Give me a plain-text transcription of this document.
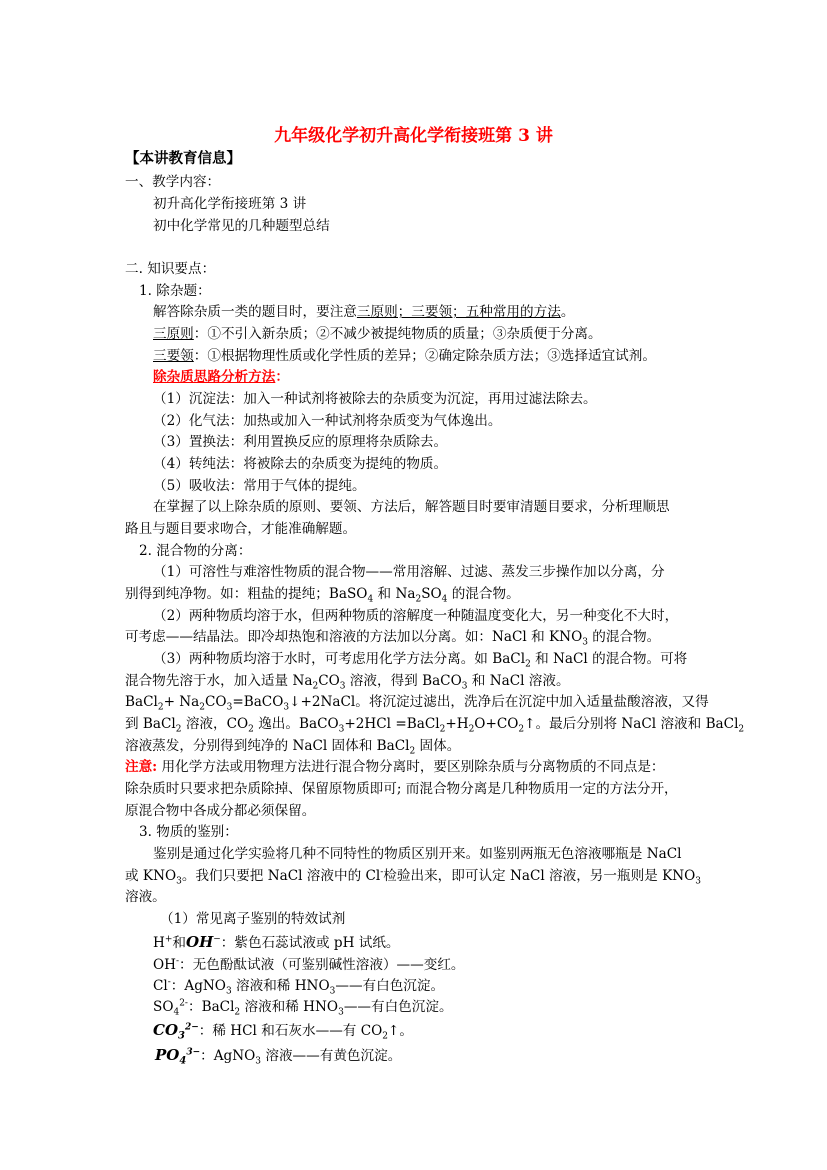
九年级化学初升高化学衔接班第 3 讲
【本讲教育信息】
一、教学内容：
初升高化学衔接班第 3 讲
初中化学常见的几种题型总结
二. 知识要点：
1. 除杂题：
解答除杂质一类的题目时，要注意三原则；三要领；五种常用的方法。
三原则：①不引入新杂质；②不减少被提纯物质的质量；③杂质便于分离。
三要领：①根据物理性质或化学性质的差异；②确定除杂质方法；③选择适宜试剂。
除杂质思路分析方法：
（1）沉淀法：加入一种试剂将被除去的杂质变为沉淀，再用过滤法除去。
（2）化气法：加热或加入一种试剂将杂质变为气体逸出。
（3）置换法：利用置换反应的原理将杂质除去。
（4）转纯法：将被除去的杂质变为提纯的物质。
（5）吸收法：常用于气体的提纯。
在掌握了以上除杂质的原则、要领、方法后，解答题目时要审清题目要求，分析理顺思
路且与题目要求吻合，才能准确解题。
2. 混合物的分离：
（1）可溶性与难溶性物质的混合物——常用溶解、过滤、蒸发三步操作加以分离，分
别得到纯净物。如：粗盐的提纯；BaSO$_4$ 和 $Na_2SO_4$ 的混合物。
（2）两种物质均溶于水，但两种物质的溶解度一种随温度变化大，另一种变化不大时，
可考虑——结晶法。即冷却热饱和溶液的方法加以分离。如：NaCl 和 $KNO_3$ 的混合物。
（3）两种物质均溶于水时，可考虑用化学方法分离。如 BaCl$_2$ 和 NaCl 的混合物。可将
混合物先溶于水，加入适量 $Na_2CO_3$ 溶液，得到 BaCO$_3$ 和 NaCl 溶液。
BaCl$_2$+ $Na_2CO_3=BaCO_3↓+2NaCl$。将沉淀过滤出，洗净后在沉淀中加入适量盐酸溶液，又得
到 BaCl$_2$ 溶液，$CO_2$ 逸出。BaCO$_3$+2HCl $=BaCl_2+H_2O+CO_2↑$。最后分别将 NaCl 溶液和 BaCl$_2$
溶液蒸发，分别得到纯净的 NaCl 固体和 BaCl$_2$ 固体。
注意: 用化学方法或用物理方法进行混合物分离时，要区别除杂质与分离物质的不同点是：
除杂质时只要求把杂质除掉、保留原物质即可; 而混合物分离是几种物质用一定的方法分开，
原混合物中各成分都必须保留。
3. 物质的鉴别：
鉴别是通过化学实验将几种不同特性的物质区别开来。如鉴别两瓶无色溶液哪瓶是 NaCl
或 $KNO_3$。我们只要把 NaCl 溶液中的 Cl-检验出来，即可认定 NaCl 溶液，另一瓶则是 $KNO_3$
溶液。
（1）常见离子鉴别的特效试剂
H+和OH−：紫色石蕊试液或 pH 试纸。
OH-：无色酚酞试液（可鉴别碱性溶液）——变红。
Cl-：AgNO$_3$ 溶液和稀 $HNO_3——$有白色沉淀。
$SO_4^{2-}$：BaCl$_2$ 溶液和稀 $HNO_3——$有白色沉淀。
$CO_3^{2-}$：稀 HCl 和石灰水——有 $CO_2↑$。
$PO_4^{3-}$：AgNO$_3$ 溶液——有黄色沉淀。
